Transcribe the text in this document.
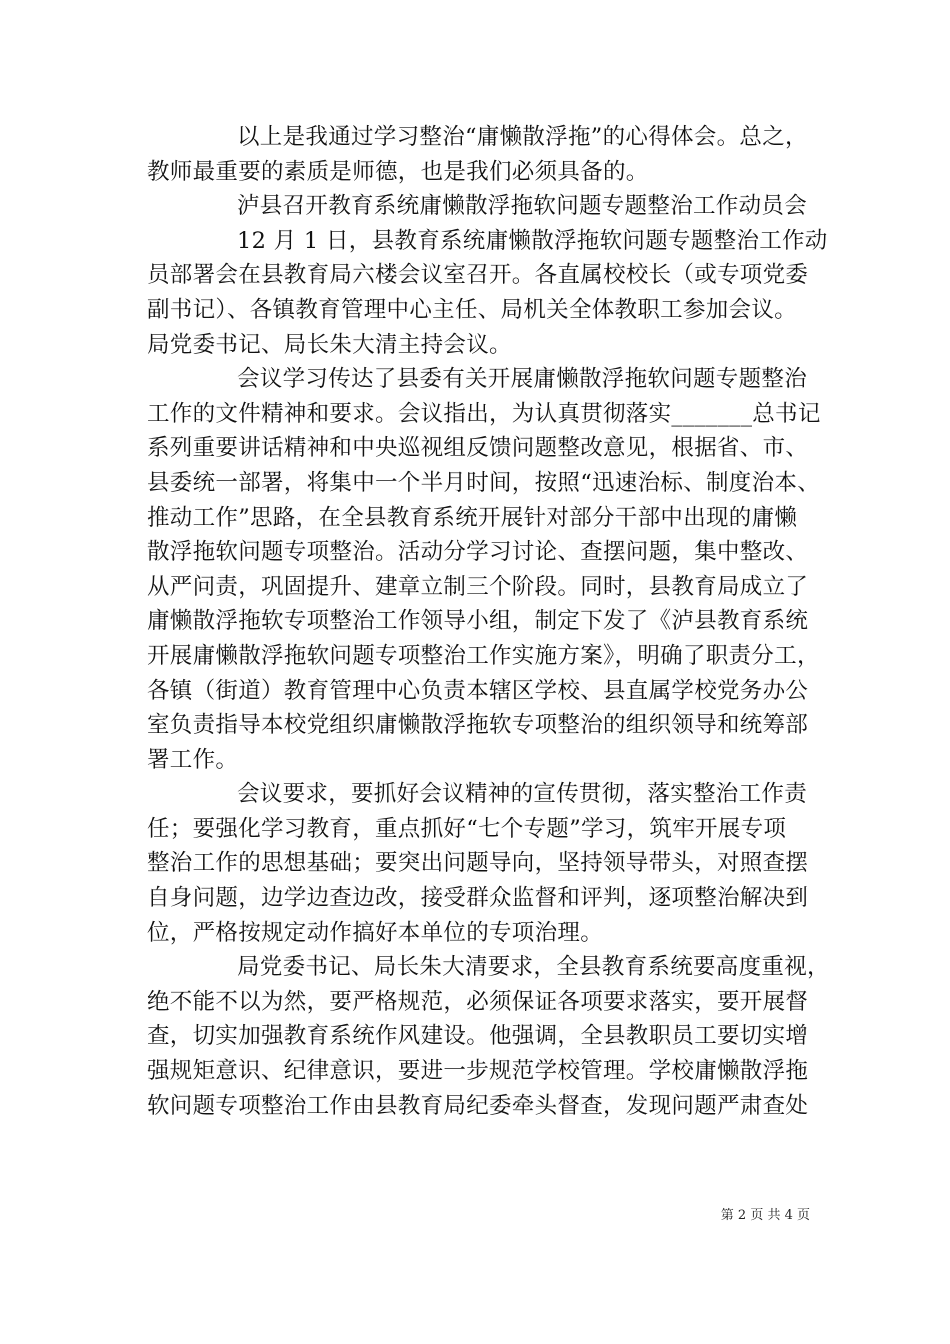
以上是我通过学习整治“庸懒散浮拖”的心得体会。总之，
教师最重要的素质是师德，也是我们必须具备的。
泸县召开教育系统庸懒散浮拖软问题专题整治工作动员会
12 月 1 日，县教育系统庸懒散浮拖软问题专题整治工作动
员部署会在县教育局六楼会议室召开。各直属校校长（或专项党委
副书记）、各镇教育管理中心主任、局机关全体教职工参加会议。
局党委书记、局长朱大清主持会议。
会议学习传达了县委有关开展庸懒散浮拖软问题专题整治
工作的文件精神和要求。会议指出，为认真贯彻落实_______总书记
系列重要讲话精神和中央巡视组反馈问题整改意见，根据省、市、
县委统一部署，将集中一个半月时间，按照“迅速治标、制度治本、
推动工作”思路，在全县教育系统开展针对部分干部中出现的庸懒
散浮拖软问题专项整治。活动分学习讨论、查摆问题，集中整改、
从严问责，巩固提升、建章立制三个阶段。同时，县教育局成立了
庸懒散浮拖软专项整治工作领导小组，制定下发了《泸县教育系统
开展庸懒散浮拖软问题专项整治工作实施方案》，明确了职责分工，
各镇（街道）教育管理中心负责本辖区学校、县直属学校党务办公
室负责指导本校党组织庸懒散浮拖软专项整治的组织领导和统筹部
署工作。
会议要求，要抓好会议精神的宣传贯彻，落实整治工作责
任；要强化学习教育，重点抓好“七个专题”学习，筑牢开展专项
整治工作的思想基础；要突出问题导向，坚持领导带头，对照查摆
自身问题，边学边查边改，接受群众监督和评判，逐项整治解决到
位，严格按规定动作搞好本单位的专项治理。
局党委书记、局长朱大清要求，全县教育系统要高度重视，
绝不能不以为然，要严格规范，必须保证各项要求落实，要开展督
查，切实加强教育系统作风建设。他强调，全县教职员工要切实增
强规矩意识、纪律意识，要进一步规范学校管理。学校庸懒散浮拖
软问题专项整治工作由县教育局纪委牵头督查，发现问题严肃查处
第 2 页 共 4 页
